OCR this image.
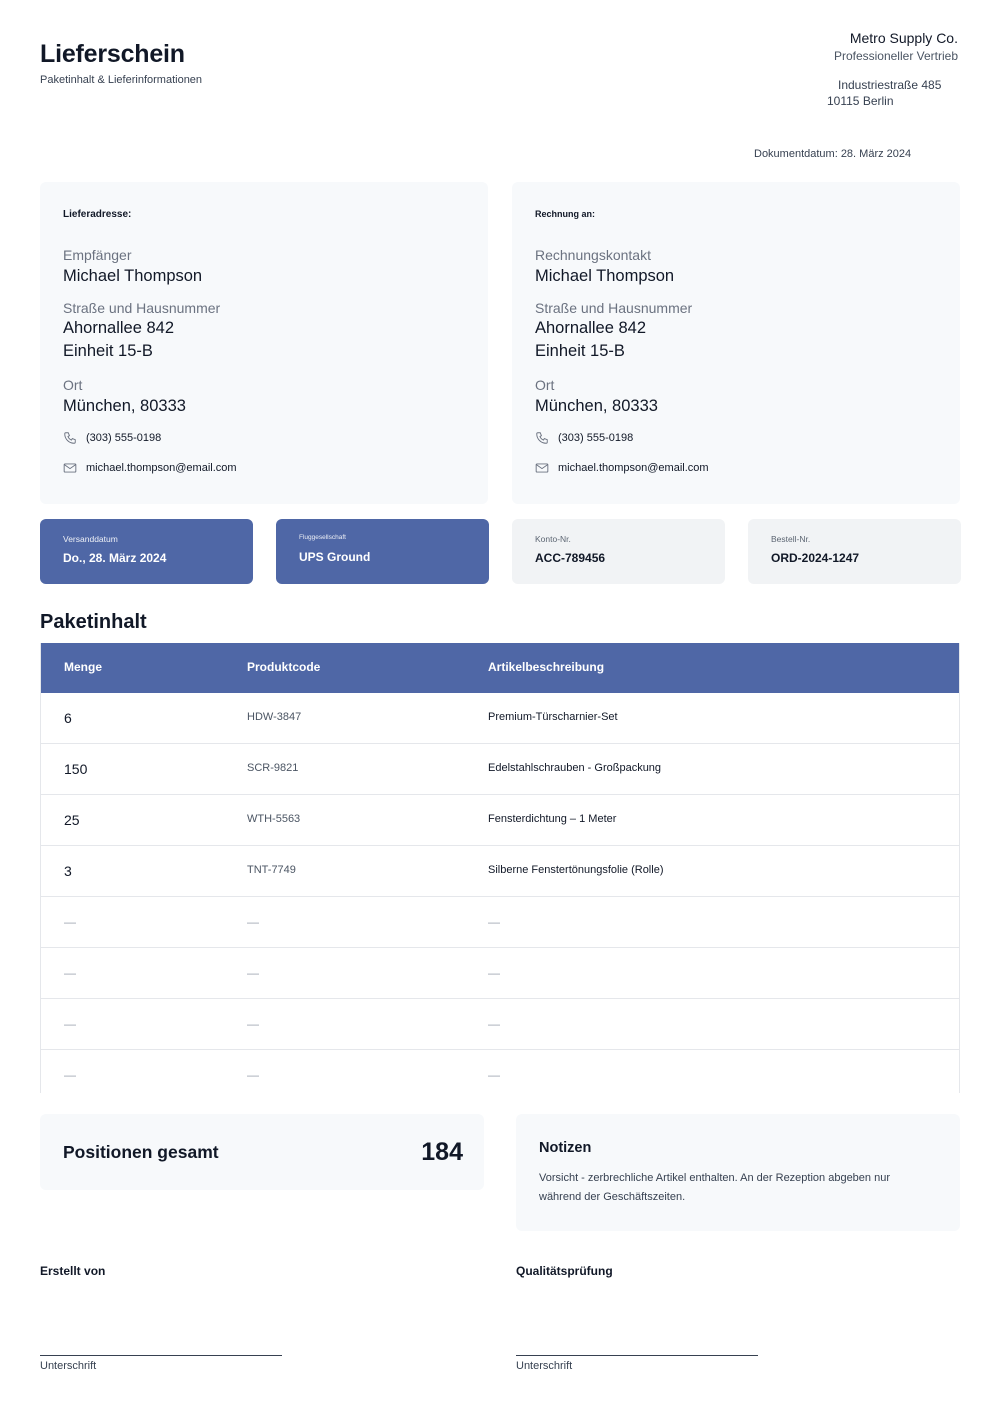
Lieferschein
Paketinhalt & Lieferinformationen
Metro Supply Co.
Professioneller Vertrieb
Industriestraße 485
10115 Berlin
Dokumentdatum: 28. März 2024
Lieferadresse:
Empfänger
Michael Thompson
Straße und Hausnummer
Ahornallee 842
Einheit 15-B
Ort
München, 80333
(303) 555-0198
michael.thompson@email.com
Rechnung an:
Rechnungskontakt
Michael Thompson
Straße und Hausnummer
Ahornallee 842
Einheit 15-B
Ort
München, 80333
(303) 555-0198
michael.thompson@email.com
Versanddatum
Do., 28. März 2024
Fluggesellschaft
UPS Ground
Konto-Nr.
ACC-789456
Bestell-Nr.
ORD-2024-1247
Paketinhalt
Menge	Produktcode	Artikelbeschreibung
6	HDW-3847	Premium-Türscharnier-Set
150	SCR-9821	Edelstahlschrauben - Großpackung
25	WTH-5563	Fensterdichtung – 1 Meter
3	TNT-7749	Silberne Fenstertönungsfolie (Rolle)
—	—	—
—	—	—
—	—	—
—	—	—
Positionen gesamt	184	Notizen
Vorsicht - zerbrechliche Artikel enthalten. An der Rezeption abgeben nur während der Geschäftszeiten.
Erstellt von
Unterschrift
Qualitätsprüfung
Unterschrift
